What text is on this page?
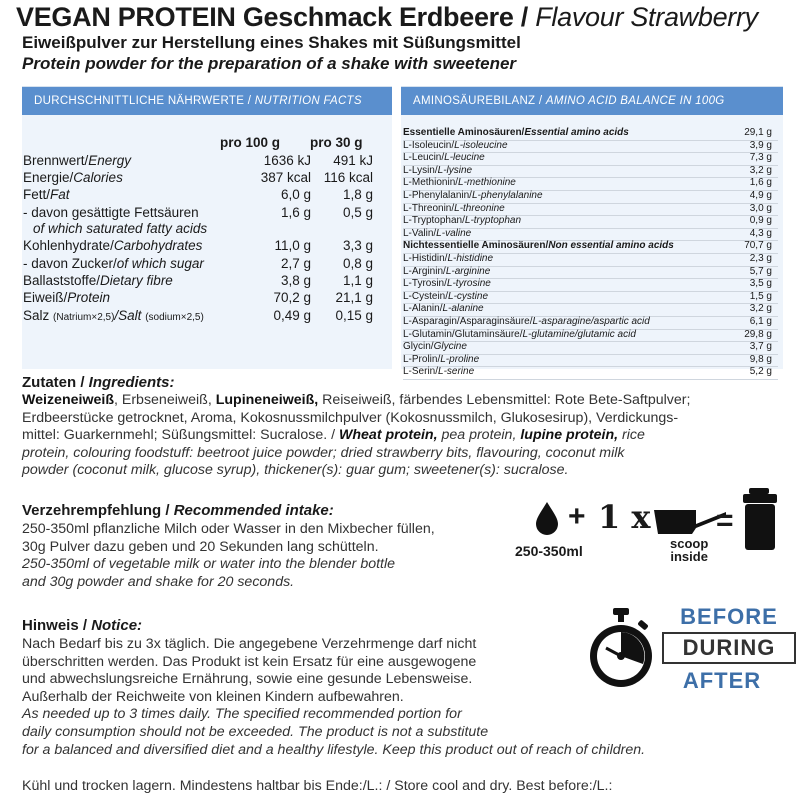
VEGAN PROTEIN Geschmack Erdbeere / Flavour Strawberry
Eiweißpulver zur Herstellung eines Shakes mit Süßungsmittel
Protein powder for the preparation of a shake with sweetener
DURCHSCHNITTLICHE NÄHRWERTE / NUTRITION FACTS
pro 100 g pro 30 g
Brennwert/Energy	1636 kJ	491 kJ
Energie/Calories	387 kcal 116 kcal
Fett/Fat	6,0 g	1,8 g
- davon gesättigte Fettsäuren	1,6 g	0,5 g
of which saturated fatty acids
Kohlenhydrate/Carbohydrates	11,0 g	3,3 g
- davon Zucker/of which sugar	2,7 g	0,8 g
Ballaststoffe/Dietary fibre	3,8 g	1,1 g
Eiweiß/Protein	70,2 g	21,1 g
Salz (Natrium×2,5)/Salt (sodium×2,5)	0,49 g	0,15 g
AMINOSÄUREBILANZ / AMINO ACID BALANCE IN 100G
Essentielle Aminosäuren/Essential amino acids	29,1 g
L-Isoleucin/L-isoleucine	3,9 g
L-Leucin/L-leucine	7,3 g
L-Lysin/L-lysine	3,2 g
L-Methionin/L-methionine	1,6 g
L-Phenylalanin/L-phenylalanine	4,9 g
L-Threonin/L-threonine	3,0 g
L-Tryptophan/L-tryptophan	0,9 g
L-Valin/L-valine	4,3 g
Nichtessentielle Aminosäuren/Non essential amino acids	70,7 g
L-Histidin/L-histidine	2,3 g
L-Arginin/L-arginine	5,7 g
L-Tyrosin/L-tyrosine	3,5 g
L-Cystein/L-cystine	1,5 g
L-Alanin/L-alanine	3,2 g
L-Asparagin/Asparaginsäure/L-asparagine/aspartic acid	6,1 g
L-Glutamin/Glutaminsäure/L-glutamine/glutamic acid	29,8 g
Glycin/Glycine	3,7 g
L-Prolin/L-proline	9,8 g
L-Serin/L-serine	5,2 g
Zutaten / Ingredients:
Weizeneiweiß, Erbseneiweiß, Lupineneiweiß, Reiseiweiß, färbendes Lebensmittel: Rote Bete-Saftpulver;
Erdbeerstücke getrocknet, Aroma, Kokosnussmilchpulver (Kokosnussmilch, Glukosesirup), Verdickungs-
mittel: Guarkernmehl; Süßungsmittel: Sucralose. / Wheat protein, pea protein, lupine protein, rice
protein, colouring foodstuff: beetroot juice powder; dried strawberry bits, flavouring, coconut milk
powder (coconut milk, glucose syrup), thickener(s): guar gum; sweetener(s): sucralose.
Verzehrempfehlung / Recommended intake:
250-350ml pflanzliche Milch oder Wasser in den Mixbecher füllen,
30g Pulver dazu geben und 20 Sekunden lang schütteln.
250-350ml of vegetable milk or water into the blender bottle
and 30g powder and shake for 20 seconds.
250-350ml
+ 1 x
scoop
inside
=
Hinweis / Notice:
Nach Bedarf bis zu 3x täglich. Die angegebene Verzehrmenge darf nicht
überschritten werden. Das Produkt ist kein Ersatz für eine ausgewogene
und abwechslungsreiche Ernährung, sowie eine gesunde Lebensweise.
Außerhalb der Reichweite von kleinen Kindern aufbewahren.
As needed up to 3 times daily. The specified recommended portion for
daily consumption should not be exceeded. The product is not a substitute
for a balanced and diversified diet and a healthy lifestyle. Keep this product out of reach of children.
BEFORE
DURING
AFTER
Kühl und trocken lagern. Mindestens haltbar bis Ende:/L.: / Store cool and dry. Best before:/L.:
